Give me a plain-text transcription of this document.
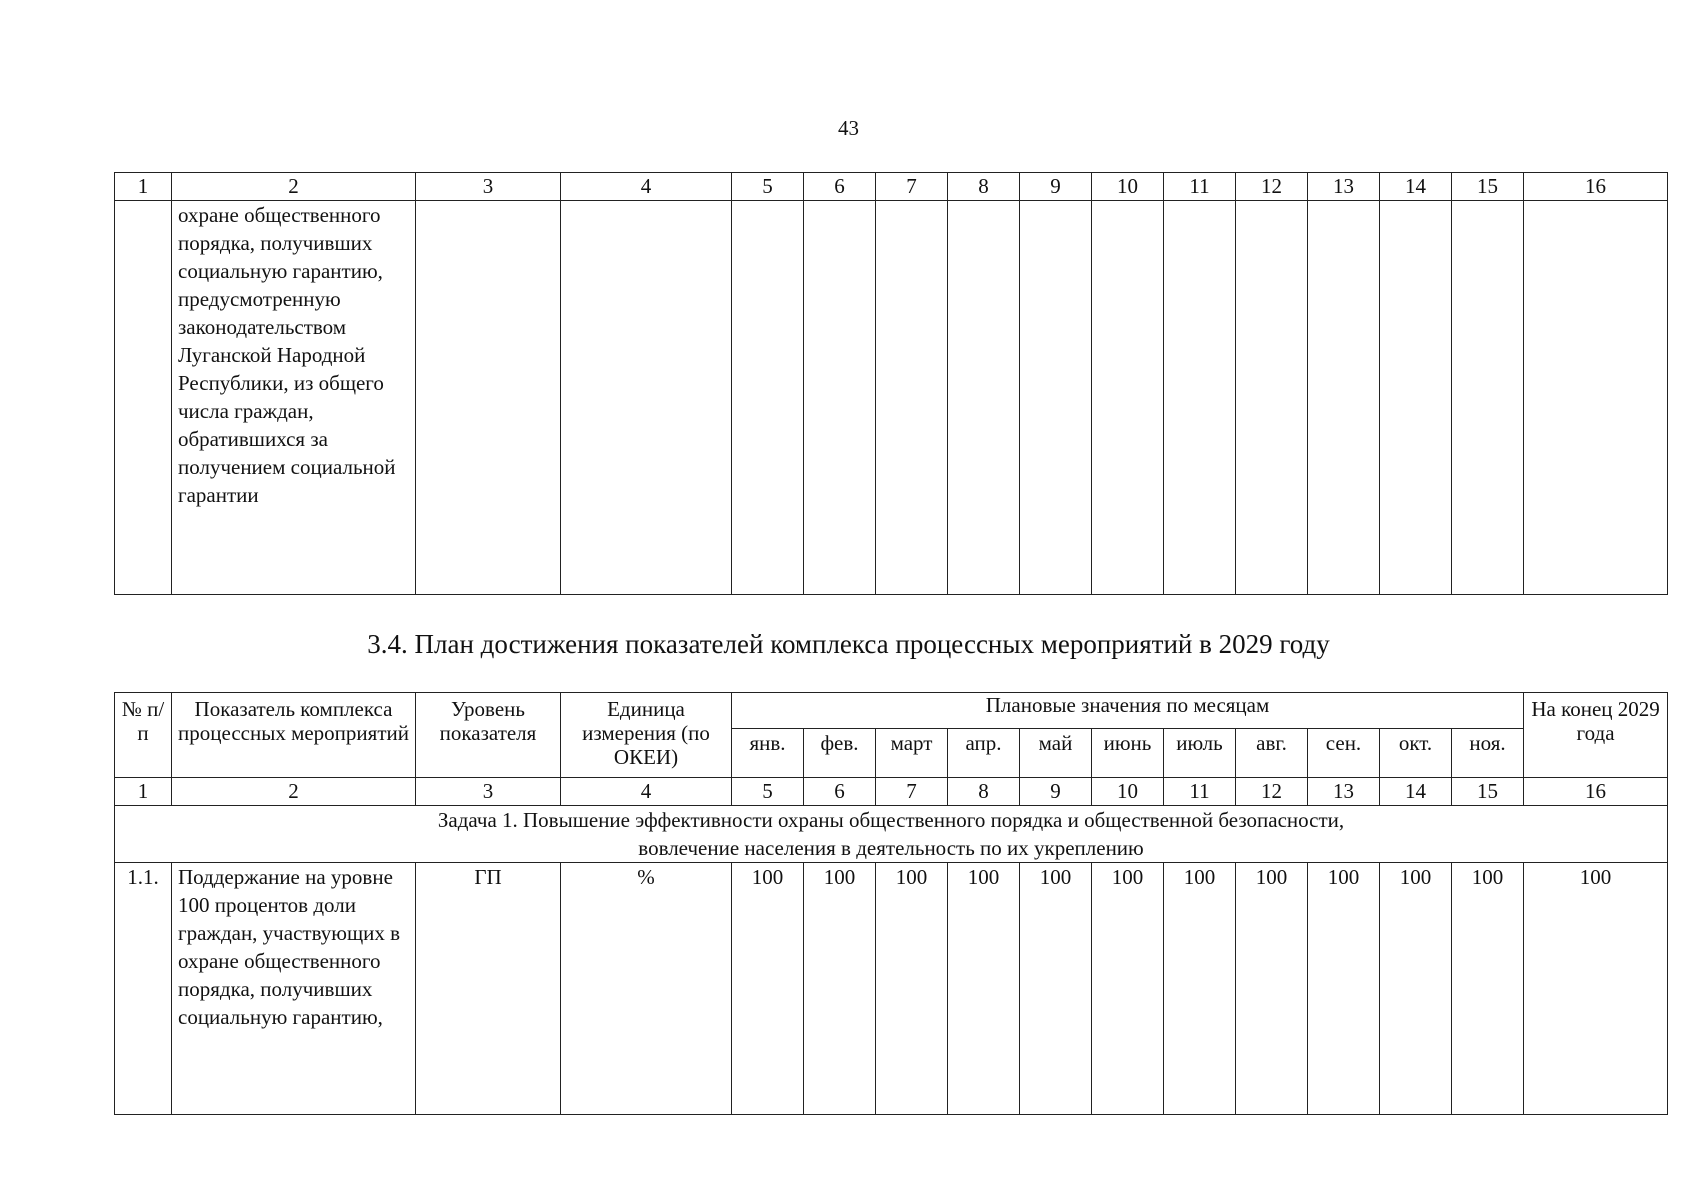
43
1	2	3	4	5	6	7	8	9	10	11	12	13	14	15	16
	охране общественного порядка, получивших социальную гарантию, предусмотренную законодательством Луганской Народной Республики, из общего числа граждан, обратившихся за получением социальной гарантии														
3.4. План достижения показателей комплекса процессных мероприятий в 2029 году
№ п/п	Показатель комплекса процессных мероприятий	Уровень показателя	Единица измерения (по ОКЕИ)	Плановые значения по месяцам											На конец 2029 года
				янв.	фев.	март	апр.	май	июнь	июль	авг.	сен.	окт.	ноя.	
1	2	3	4	5	6	7	8	9	10	11	12	13	14	15	16

Задача 1. Повышение эффективности охраны общественного порядка и общественной безопасности,
вовлечение населения в деятельность по их укреплению															

1.1.	Поддержание на уровне 100 процентов доли граждан, участвующих в охране общественного порядка, получивших социальную гарантию,	ГП	%	100	100	100	100	100	100	100	100	100	100	100	100
